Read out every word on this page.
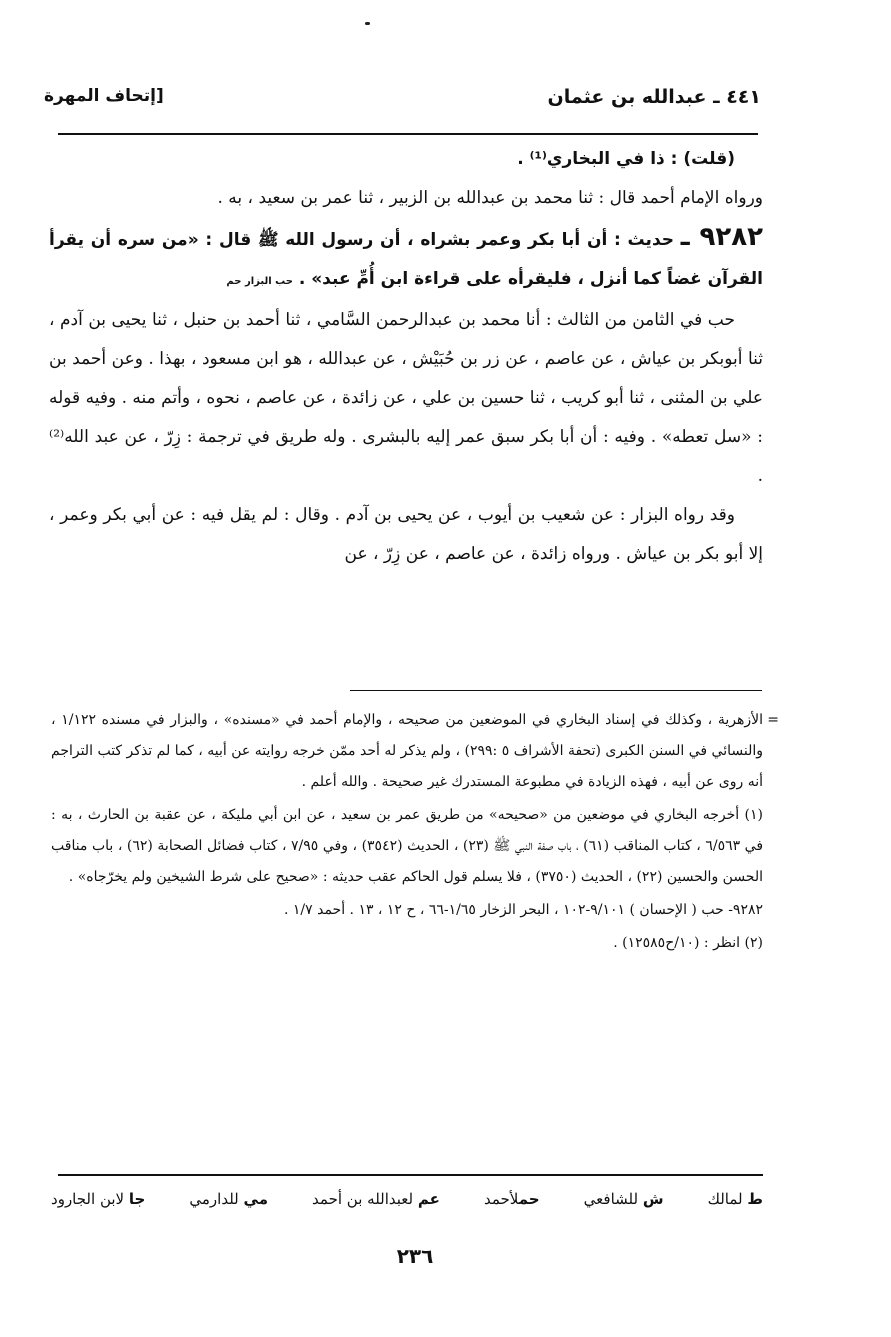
٤٤١ ـ عبدالله بن عثمان
[إتحاف المهرة

(قلت) : ذا في البخاري⁽¹⁾ .

ورواه الإمام أحمد قال : ثنا محمد بن عبدالله بن الزبير ، ثنا عمر بن سعيد ، به .

٩٢٨٢ ـ حديث : أن أبا بكر وعمر بشراه ، أن رسول الله ﷺ قال : «من سره أن يقرأ القرآن غضاً كما أنزل ، فليقرأه على قراءة ابن أُمِّ عبد» . حب البزار حم

حب في الثامن من الثالث : أنا محمد بن عبدالرحمن السَّامي ، ثنا أحمد بن حنبل ، ثنا يحيى بن آدم ، ثنا أبوبكر بن عياش ، عن عاصم ، عن زر بن حُبَيْش ، عن عبدالله ، هو ابن مسعود ، بهذا . وعن أحمد بن علي بن المثنى ، ثنا أبو كريب ، ثنا حسين بن علي ، عن زائدة ، عن عاصم ، نحوه ، وأتم منه . وفيه قوله : «سل تعطه» . وفيه : أن أبا بكر سبق عمر إليه بالبشرى . وله طريق في ترجمة : زِرّ ، عن عبد الله⁽²⁾ .

وقد رواه البزار : عن شعيب بن أيوب ، عن يحيى بن آدم . وقال : لم يقل فيه : عن أبي بكر وعمر ، إلا أبو بكر بن عياش . ورواه زائدة ، عن عاصم ، عن زِرّ ، عن

=

الأزهرية ، وكذلك في إسناد البخاري في الموضعين من صحيحه ، والإمام أحمد في «مسنده» ، والبزار في مسنده ١/١٢٢ ، والنسائي في السنن الكبرى (تحفة الأشراف ٥ :٢٩٩) ، ولم يذكر له أحد ممّن خرجه روايته عن أبيه ، كما لم تذكر كتب التراجم أنه روى عن أبيه ، فهذه الزيادة في مطبوعة المستدرك غير صحيحة . والله أعلم .

(١) أخرجه البخاري في موضعين من «صحيحه» من طريق عمر بن سعيد ، عن ابن أبي مليكة ، عن عقبة بن الحارث ، به : في ٦/٥٦٣ ، كتاب المناقب (٦١) ، باب صفة النبي ﷺ (٢٣) ، الحديث (٣٥٤٢) ، وفي ٧/٩٥ ، كتاب فضائل الصحابة (٦٢) ، باب مناقب الحسن والحسين (٢٢) ، الحديث (٣٧٥٠) ، فلا يسلم قول الحاكم عقب حديثه : «صحيح على شرط الشيخين ولم يخرّجاه» .

٩٢٨٢- حب ( الإحسان ) ٩/١٠١-١٠٢ ، البحر الزخار ١/٦٥-٦٦ ، ح ١٢ ، ١٣ . أحمد ١/٧ .

(٢) انظر : (١٠/ح١٢٥٨٥) .

ط لمالك
ش للشافعي
حملأحمد
عم لعبدالله بن أحمد
مي للدارمي
جا لابن الجارود
٢٣٦
